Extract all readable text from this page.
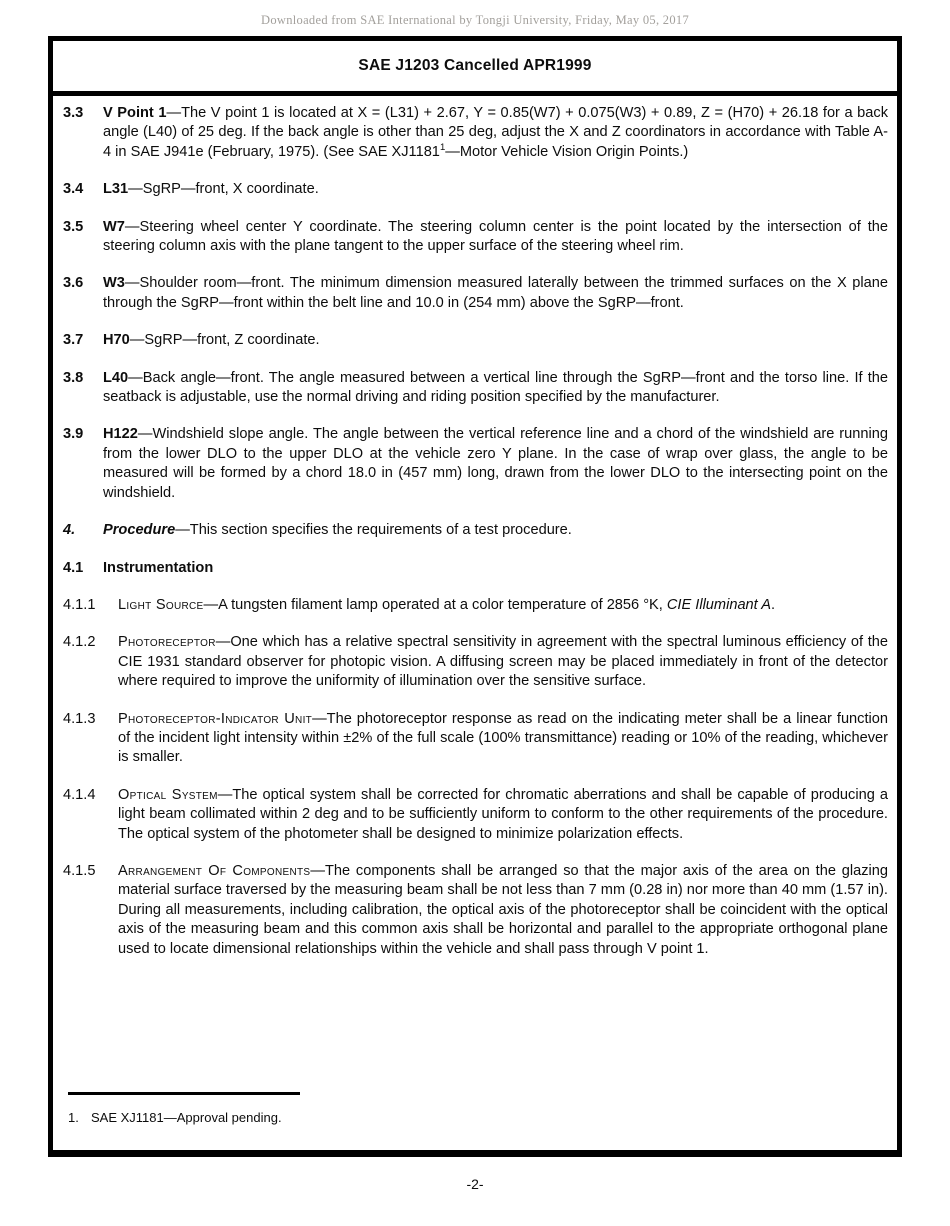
Downloaded from SAE International by Tongji University, Friday, May 05, 2017
SAE J1203 Cancelled APR1999
3.3	V Point 1—The V point 1 is located at X = (L31) + 2.67, Y = 0.85(W7) + 0.075(W3) + 0.89, Z = (H70) + 26.18 for a back angle (L40) of 25 deg. If the back angle is other than 25 deg, adjust the X and Z coordinators in accordance with Table A-4 in SAE J941e (February, 1975). (See SAE XJ1181$^1$—Motor Vehicle Vision Origin Points.)
3.4	L31—SgRP—front, X coordinate.
3.5	W7—Steering wheel center Y coordinate. The steering column center is the point located by the intersection of the steering column axis with the plane tangent to the upper surface of the steering wheel rim.
3.6	W3—Shoulder room—front. The minimum dimension measured laterally between the trimmed surfaces on the X plane through the SgRP—front within the belt line and 10.0 in (254 mm) above the SgRP—front.
3.7	H70—SgRP—front, Z coordinate.
3.8	L40—Back angle—front. The angle measured between a vertical line through the SgRP—front and the torso line. If the seatback is adjustable, use the normal driving and riding position specified by the manufacturer.
3.9	H122—Windshield slope angle. The angle between the vertical reference line and a chord of the windshield are running from the lower DLO to the upper DLO at the vehicle zero Y plane. In the case of wrap over glass, the angle to be measured will be formed by a chord 18.0 in (457 mm) long, drawn from the lower DLO to the intersecting point on the windshield.
4.	Procedure—This section specifies the requirements of a test procedure.
4.1	Instrumentation
4.1.1	Light Source—A tungsten filament lamp operated at a color temperature of 2856 °K, CIE Illuminant A.
4.1.2	Photoreceptor—One which has a relative spectral sensitivity in agreement with the spectral luminous efficiency of the CIE 1931 standard observer for photopic vision. A diffusing screen may be placed immediately in front of the detector where required to improve the uniformity of illumination over the sensitive surface.
4.1.3	Photoreceptor-Indicator Unit—The photoreceptor response as read on the indicating meter shall be a linear function of the incident light intensity within ±2% of the full scale (100% transmittance) reading or 10% of the reading, whichever is smaller.
4.1.4	Optical System—The optical system shall be corrected for chromatic aberrations and shall be capable of producing a light beam collimated within 2 deg and to be sufficiently uniform to conform to the other requirements of the procedure. The optical system of the photometer shall be designed to minimize polarization effects.
4.1.5	Arrangement Of Components—The components shall be arranged so that the major axis of the area on the glazing material surface traversed by the measuring beam shall be not less than 7 mm (0.28 in) nor more than 40 mm (1.57 in). During all measurements, including calibration, the optical axis of the photoreceptor shall be coincident with the optical axis of the measuring beam and this common axis shall be horizontal and parallel to the appropriate orthogonal plane used to locate dimensional relationships within the vehicle and shall pass through V point 1.
1. SAE XJ1181—Approval pending.
-2-
